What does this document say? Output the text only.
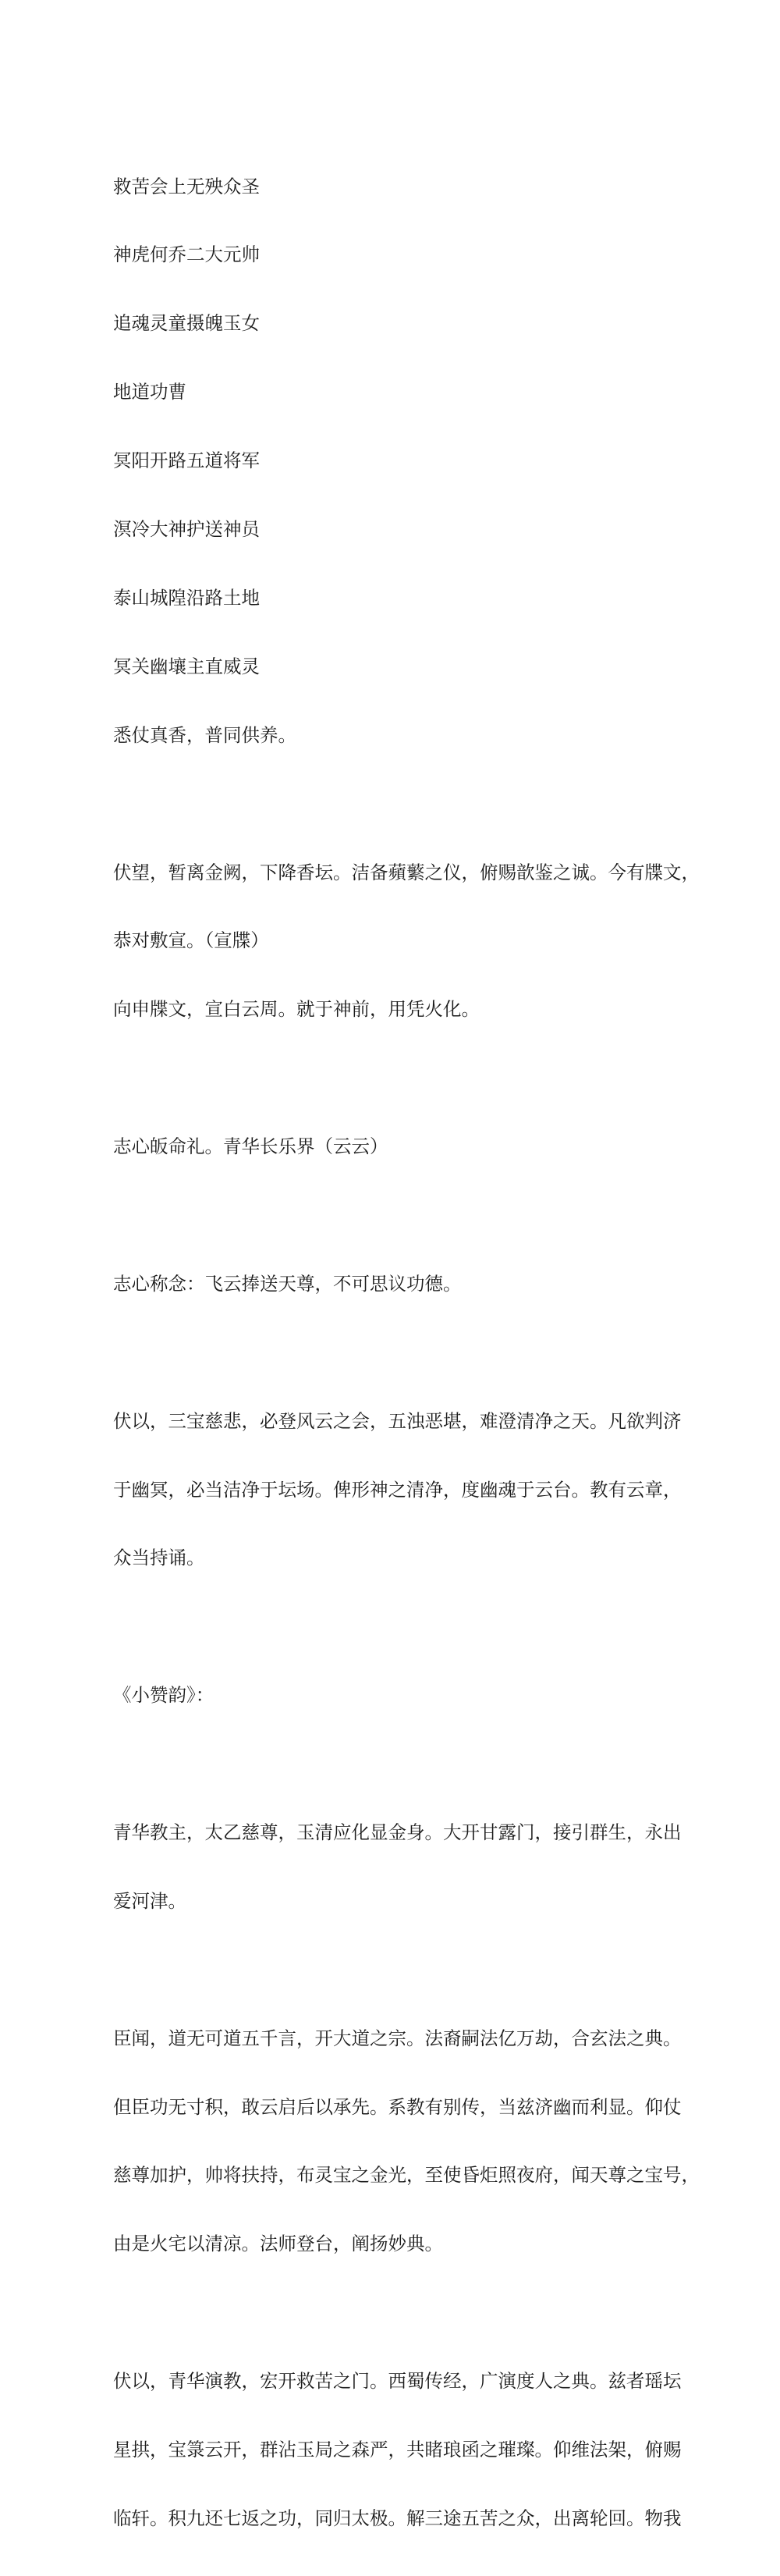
救苦会上无殃众圣

神虎何乔二大元帅

追魂灵童摄魄玉女

地道功曹

冥阳开路五道将军

溟冷大神护送神员

泰山城隍沿路土地

冥关幽壤主直威灵

悉仗真香，普同供养。

伏望，暂离金阙，下降香坛。洁备蘋蘩之仪，俯赐歆鉴之诚。今有牒文，

恭对敷宣。（宣牒）

向申牒文，宣白云周。就于神前，用凭火化。

志心皈命礼。青华长乐界（云云）

志心称念：飞云捧送天尊，不可思议功德。

伏以，三宝慈悲，必登风云之会，五浊恶堪，难澄清净之天。凡欲判济

于幽冥，必当洁净于坛场。俾形神之清净，度幽魂于云台。教有云章，

众当持诵。

《小赞韵》：

青华教主，太乙慈尊，玉清应化显金身。大开甘露门，接引群生，永出

爱河津。

臣闻，道无可道五千言，开大道之宗。法裔嗣法亿万劫，合玄法之典。

但臣功无寸积，敢云启后以承先。系教有别传，当兹济幽而利显。仰仗

慈尊加护，帅将扶持，布灵宝之金光，至使昏炬照夜府，闻天尊之宝号，

由是火宅以清凉。法师登台，阐扬妙典。

伏以，青华演教，宏开救苦之门。西蜀传经，广演度人之典。兹者瑶坛

星拱，宝箓云开，群沾玉局之森严，共睹琅函之璀璨。仰维法架，俯赐

临轩。积九还七返之功，同归太极。解三途五苦之众，出离轮回。物我
